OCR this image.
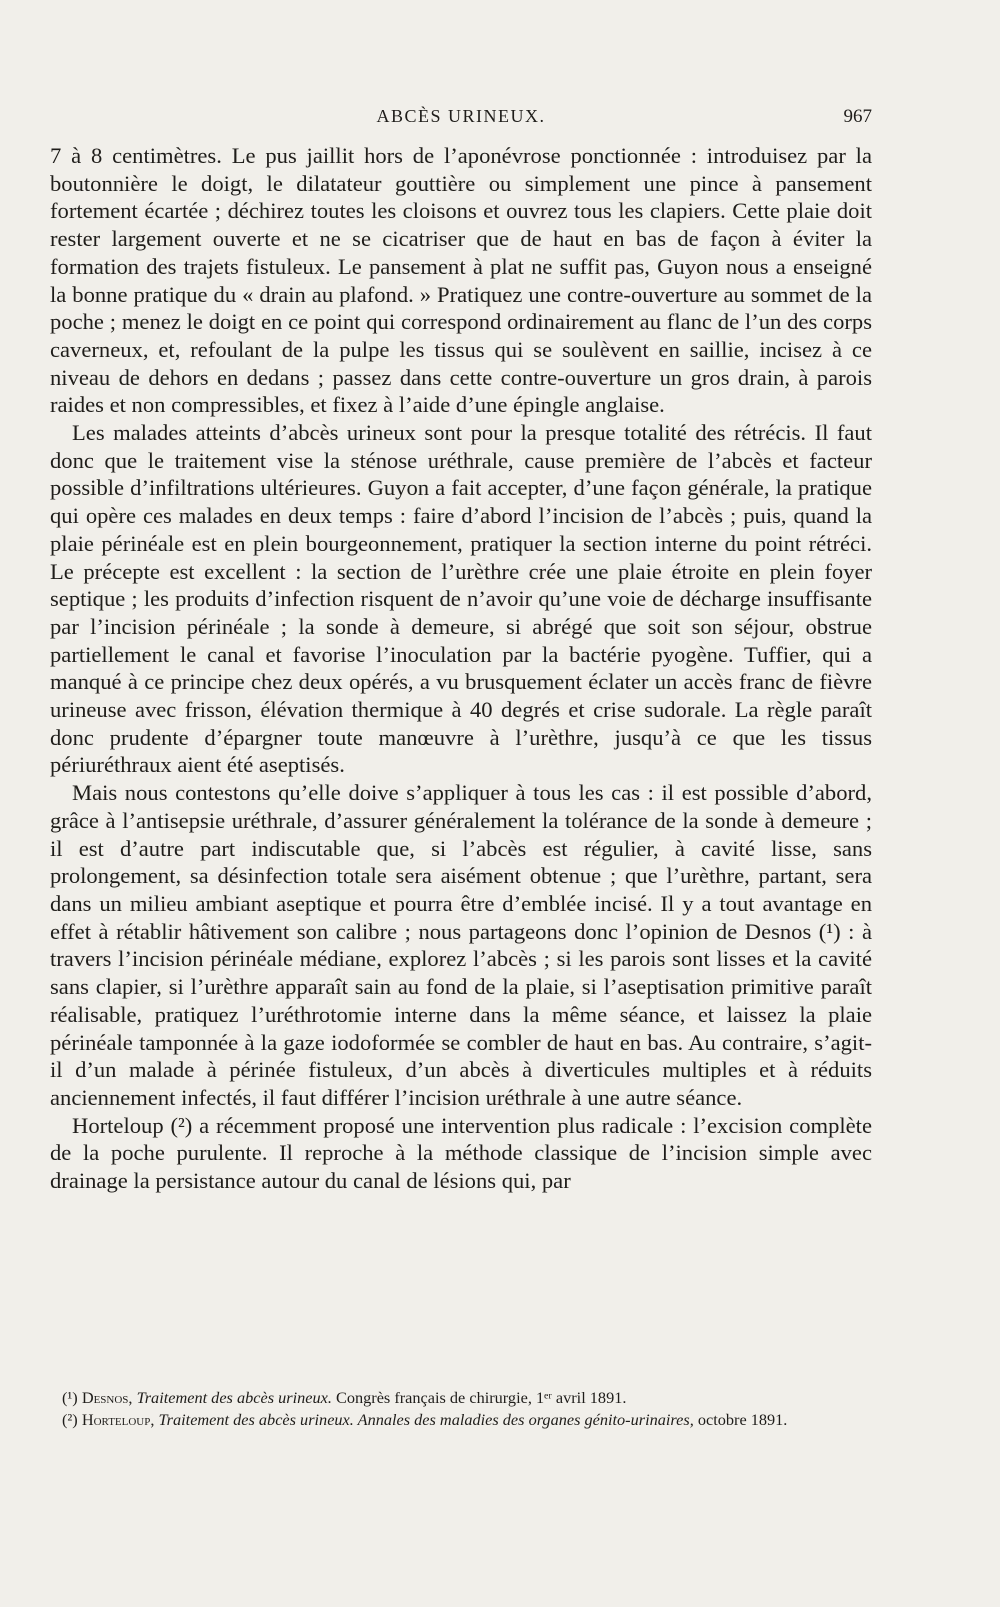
ABCÈS URINEUX.	967

7 à 8 centimètres. Le pus jaillit hors de l’aponévrose ponctionnée : introduisez par la boutonnière le doigt, le dilatateur gouttière ou simplement une pince à pansement fortement écartée ; déchirez toutes les cloisons et ouvrez tous les clapiers. Cette plaie doit rester largement ouverte et ne se cicatriser que de haut en bas de façon à éviter la formation des trajets fistuleux. Le pansement à plat ne suffit pas, Guyon nous a enseigné la bonne pratique du « drain au plafond. » Pratiquez une contre-ouverture au sommet de la poche ; menez le doigt en ce point qui correspond ordinairement au flanc de l’un des corps caverneux, et, refoulant de la pulpe les tissus qui se soulèvent en saillie, incisez à ce niveau de dehors en dedans ; passez dans cette contre-ouverture un gros drain, à parois raides et non compressibles, et fixez à l’aide d’une épingle anglaise.

Les malades atteints d’abcès urineux sont pour la presque totalité des rétrécis. Il faut donc que le traitement vise la sténose uréthrale, cause première de l’abcès et facteur possible d’infiltrations ultérieures. Guyon a fait accepter, d’une façon générale, la pratique qui opère ces malades en deux temps : faire d’abord l’incision de l’abcès ; puis, quand la plaie périnéale est en plein bourgeonnement, pratiquer la section interne du point rétréci. Le précepte est excellent : la section de l’urèthre crée une plaie étroite en plein foyer septique ; les produits d’infection risquent de n’avoir qu’une voie de décharge insuffisante par l’incision périnéale ; la sonde à demeure, si abrégé que soit son séjour, obstrue partiellement le canal et favorise l’inoculation par la bactérie pyogène. Tuffier, qui a manqué à ce principe chez deux opérés, a vu brusquement éclater un accès franc de fièvre urineuse avec frisson, élévation thermique à 40 degrés et crise sudorale. La règle paraît donc prudente d’épargner toute manœuvre à l’urèthre, jusqu’à ce que les tissus périuréthraux aient été aseptisés.

Mais nous contestons qu’elle doive s’appliquer à tous les cas : il est possible d’abord, grâce à l’antisepsie uréthrale, d’assurer généralement la tolérance de la sonde à demeure ; il est d’autre part indiscutable que, si l’abcès est régulier, à cavité lisse, sans prolongement, sa désinfection totale sera aisément obtenue ; que l’urèthre, partant, sera dans un milieu ambiant aseptique et pourra être d’emblée incisé. Il y a tout avantage en effet à rétablir hâtivement son calibre ; nous partageons donc l’opinion de Desnos (¹) : à travers l’incision périnéale médiane, explorez l’abcès ; si les parois sont lisses et la cavité sans clapier, si l’urèthre apparaît sain au fond de la plaie, si l’aseptisation primitive paraît réalisable, pratiquez l’uréthrotomie interne dans la même séance, et laissez la plaie périnéale tamponnée à la gaze iodoformée se combler de haut en bas. Au contraire, s’agit-il d’un malade à périnée fistuleux, d’un abcès à diverticules multiples et à réduits anciennement infectés, il faut différer l’incision uréthrale à une autre séance.

Horteloup (²) a récemment proposé une intervention plus radicale : l’excision complète de la poche purulente. Il reproche à la méthode classique de l’incision simple avec drainage la persistance autour du canal de lésions qui, par

(¹) Desnos, Traitement des abcès urineux. Congrès français de chirurgie, 1ᵉʳ avril 1891.

(²) Horteloup, Traitement des abcès urineux. Annales des maladies des organes génito-urinaires, octobre 1891.
